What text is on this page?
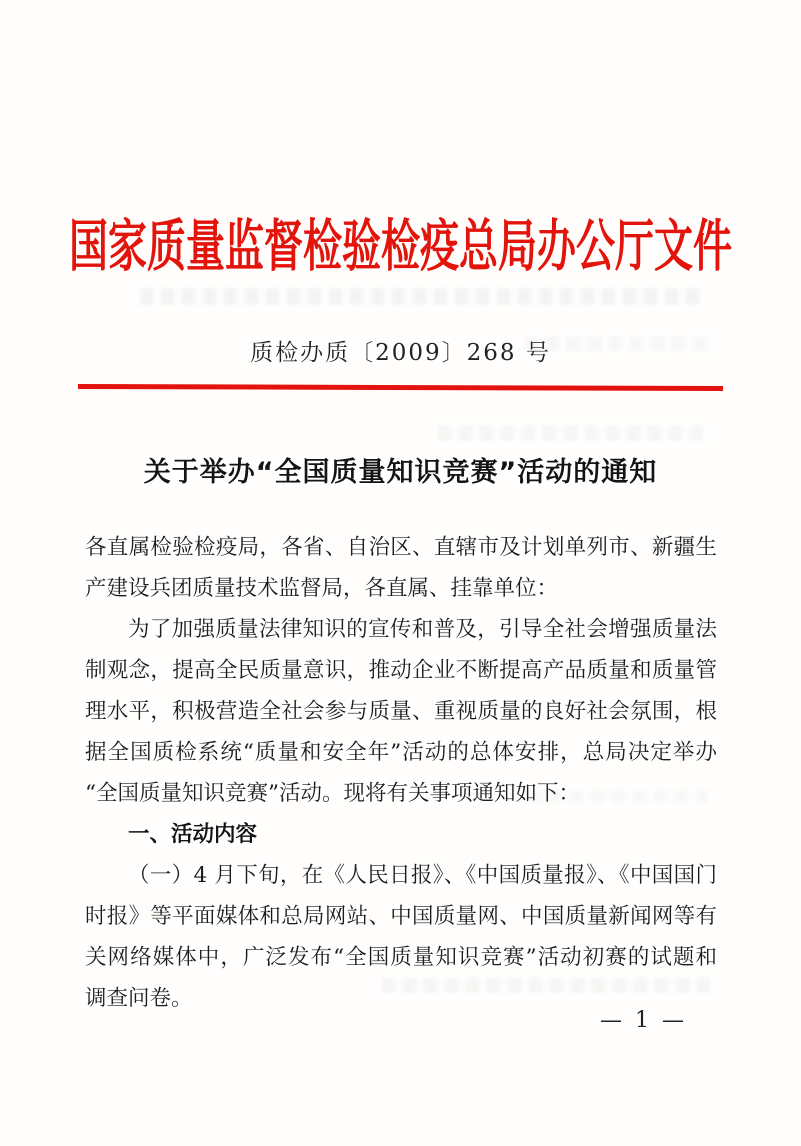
国家质量监督检验检疫总局办公厅文件
质检办质〔2009〕268 号
关于举办“全国质量知识竞赛”活动的通知
各直属检验检疫局，各省、自治区、直辖市及计划单列市、新疆生
产建设兵团质量技术监督局，各直属、挂靠单位：
为了加强质量法律知识的宣传和普及，引导全社会增强质量法
制观念，提高全民质量意识，推动企业不断提高产品质量和质量管
理水平，积极营造全社会参与质量、重视质量的良好社会氛围，根
据全国质检系统“质量和安全年”活动的总体安排，总局决定举办
“全国质量知识竞赛”活动。现将有关事项通知如下：
一、活动内容
（一）4 月下旬，在《人民日报》、《中国质量报》、《中国国门
时报》等平面媒体和总局网站、中国质量网、中国质量新闻网等有
关网络媒体中，广泛发布“全国质量知识竞赛”活动初赛的试题和
调查问卷。
— 1 —
